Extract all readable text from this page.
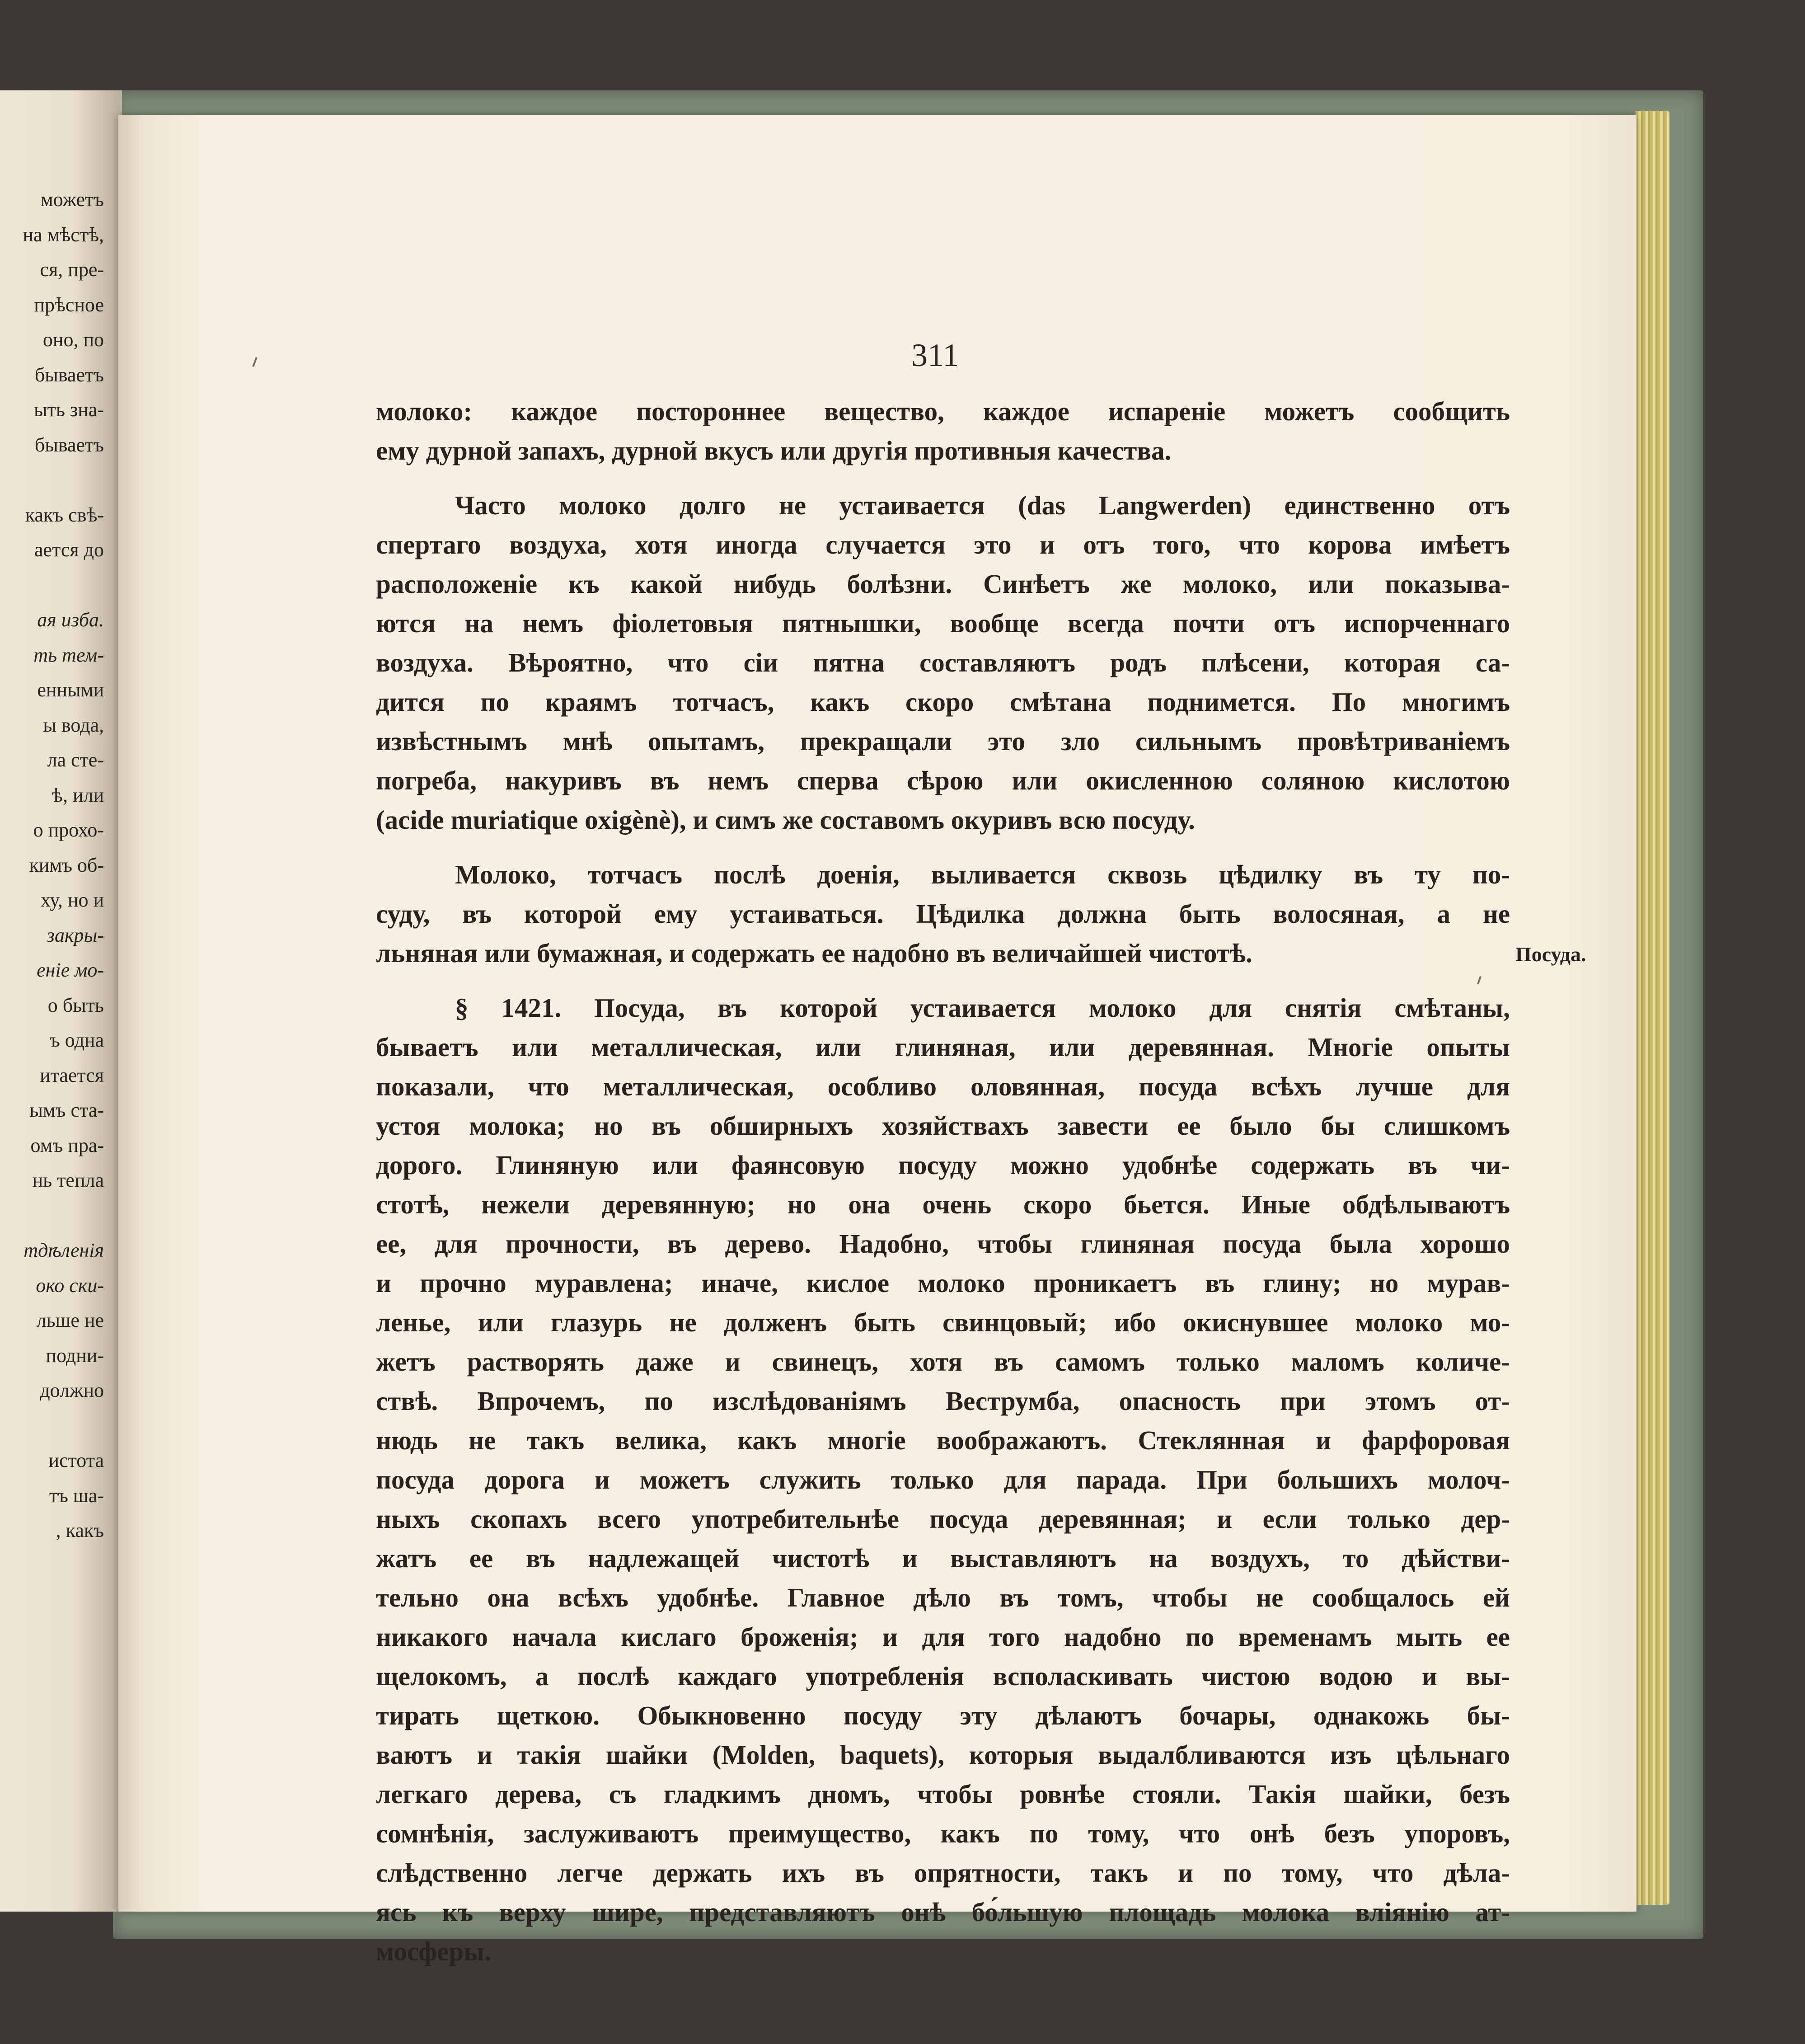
можетъ
на мѣстѣ,
ся, пре-
прѣсное
оно, по
бываетъ
ыть зна-
бываетъ
какъ свѣ-
ается до
ая изба.
ть тем-
енными
ы вода,
ла сте-
ѣ, или
о прохо-
кимъ об-
ху, но и
закры-
еніе мо-
о быть
ъ одна
итается
ымъ ста-
омъ пра-
нь тепла
тдѣленія
око ски-
льше не
подни-
должно
истота
тъ ша-
, какъ
311
Посуда.
молоко: каждое постороннее вещество, каждое испареніе можетъ сообщить
ему дурной запахъ, дурной вкусъ или другія противныя качества.
Часто молоко долго не устаивается (das Langwerden) единственно отъ
спертаго воздуха, хотя иногда случается это и отъ того, что корова имѣетъ
расположеніе къ какой нибудь болѣзни. Синѣетъ же молоко, или показыва-
ются на немъ фіолетовыя пятнышки, вообще всегда почти отъ испорченнаго
воздуха. Вѣроятно, что сіи пятна составляютъ родъ плѣсени, которая са-
дится по краямъ тотчасъ, какъ скоро смѣтана поднимется. По многимъ
извѣстнымъ мнѣ опытамъ, прекращали это зло сильнымъ провѣтриваніемъ
погреба, накуривъ въ немъ сперва сѣрою или окисленною соляною кислотою
(acide muriatique oxigènè), и симъ же составомъ окуривъ всю посуду.
Молоко, тотчасъ послѣ доенія, выливается сквозь цѣдилку въ ту по-
суду, въ которой ему устаиваться. Цѣдилка должна быть волосяная, а не
льняная или бумажная, и содержать ее надобно въ величайшей чистотѣ.
§ 1421. Посуда, въ которой устаивается молоко для снятія смѣтаны,
бываетъ или металлическая, или глиняная, или деревянная. Многіе опыты
показали, что металлическая, особливо оловянная, посуда всѣхъ лучше для
устоя молока; но въ обширныхъ хозяйствахъ завести ее было бы слишкомъ
дорого. Глиняную или фаянсовую посуду можно удобнѣе содержать въ чи-
стотѣ, нежели деревянную; но она очень скоро бьется. Иные обдѣлываютъ
ее, для прочности, въ дерево. Надобно, чтобы глиняная посуда была хорошо
и прочно муравлена; иначе, кислое молоко проникаетъ въ глину; но мурав-
ленье, или глазурь не долженъ быть свинцовый; ибо окиснувшее молоко мо-
жетъ растворять даже и свинецъ, хотя въ самомъ только маломъ количе-
ствѣ. Впрочемъ, по изслѣдованіямъ Веструмба, опасность при этомъ от-
нюдь не такъ велика, какъ многіе воображаютъ. Стеклянная и фарфоровая
посуда дорога и можетъ служить только для парада. При большихъ молоч-
ныхъ скопахъ всего употребительнѣе посуда деревянная; и если только дер-
жатъ ее въ надлежащей чистотѣ и выставляютъ на воздухъ, то дѣйстви-
тельно она всѣхъ удобнѣе. Главное дѣло въ томъ, чтобы не сообщалось ей
никакого начала кислаго броженія; и для того надобно по временамъ мыть ее
щелокомъ, а послѣ каждаго употребленія всполаскивать чистою водою и вы-
тирать щеткою. Обыкновенно посуду эту дѣлаютъ бочары, однакожь бы-
ваютъ и такія шайки (Molden, baquets), которыя выдалбливаются изъ цѣльнаго
легкаго дерева, съ гладкимъ дномъ, чтобы ровнѣе стояли. Такія шайки, безъ
сомнѣнія, заслуживаютъ преимущество, какъ по тому, что онѣ безъ упоровъ,
слѣдственно легче держать ихъ въ опрятности, такъ и по тому, что дѣла-
ясь къ верху шире, представляютъ онѣ бо́льшую площадь молока вліянію ат-
мосферы.
